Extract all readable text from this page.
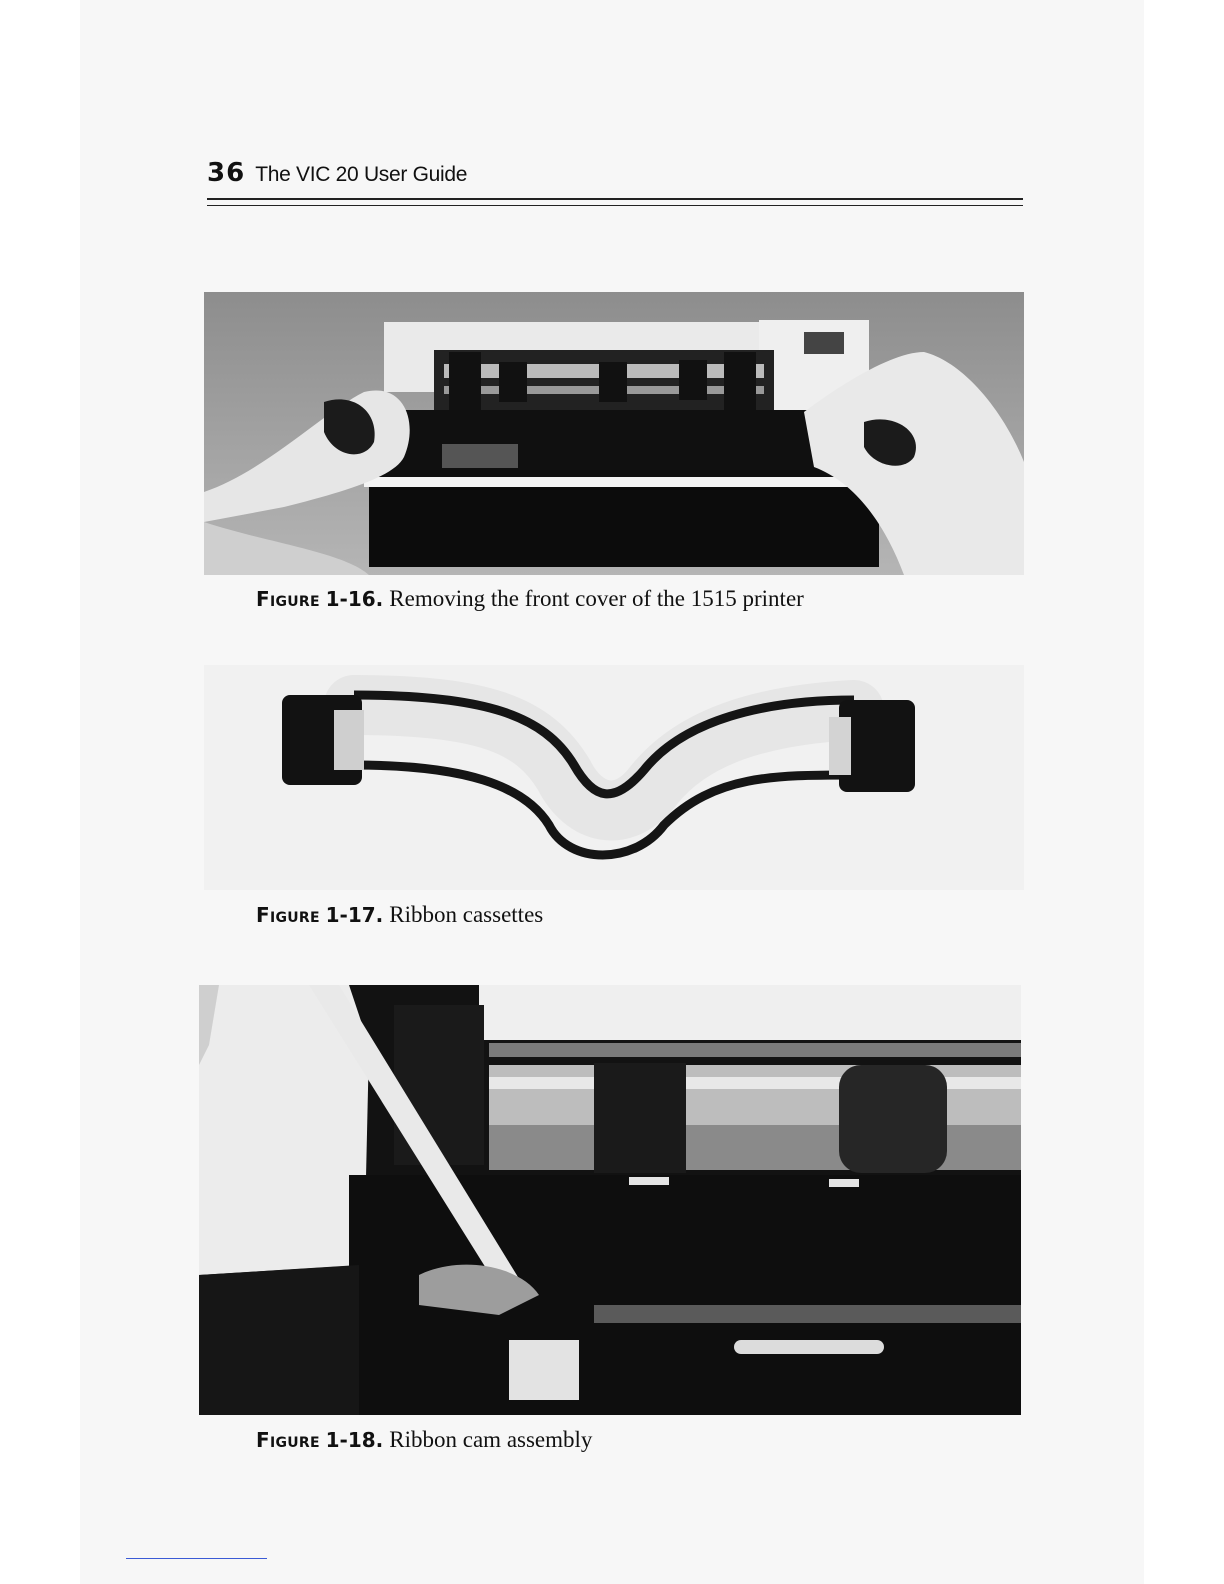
36 The VIC 20 User Guide
Figure 1-16. Removing the front cover of the 1515 printer
Figure 1-17. Ribbon cassettes
Figure 1-18. Ribbon cam assembly
